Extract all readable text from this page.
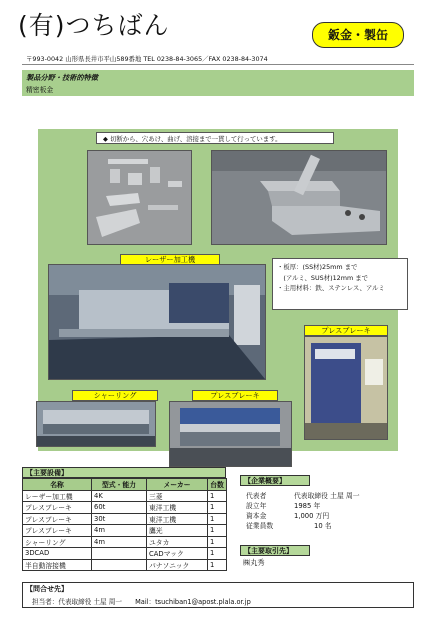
(有)つちばん	鈑金・製缶
〒993-0042 山形県長井市平山589番地 TEL 0238-84-3065／FAX 0238-84-3074
製品分野・技術的特徴
精密板金
◆ 切断から、穴あけ、曲げ、溶接まで一貫して行っています。
レーザー加工機
・板厚：(SS材)25mm まで
　(アルミ、SUS材)12mm まで
・主用材料：鉄、ステンレス、アルミ
プレスブレーキ
シャーリング	プレスブレーキ
【主要設備】
名称	型式・能力	メーカー	台数
レーザー加工機	4K	三菱	1
プレスブレーキ	60t	東洋工機	1
プレスブレーキ	30t	東洋工機	1
プレスブレーキ	4m	鷹光	1
シャーリング	4m	ユタカ	1
3DCAD		CADマック	1
半自動溶接機		パナソニック	1
【企業概要】
代表者	代表取締役 土屋 周一
設立年	1985 年
資本金	1,000 万円
従業員数	10 名
【主要取引先】
㈱丸秀
【問合せ先】
担当者：代表取締役 土屋 周一　　Mail：tsuchiban1@apost.plala.or.jp
